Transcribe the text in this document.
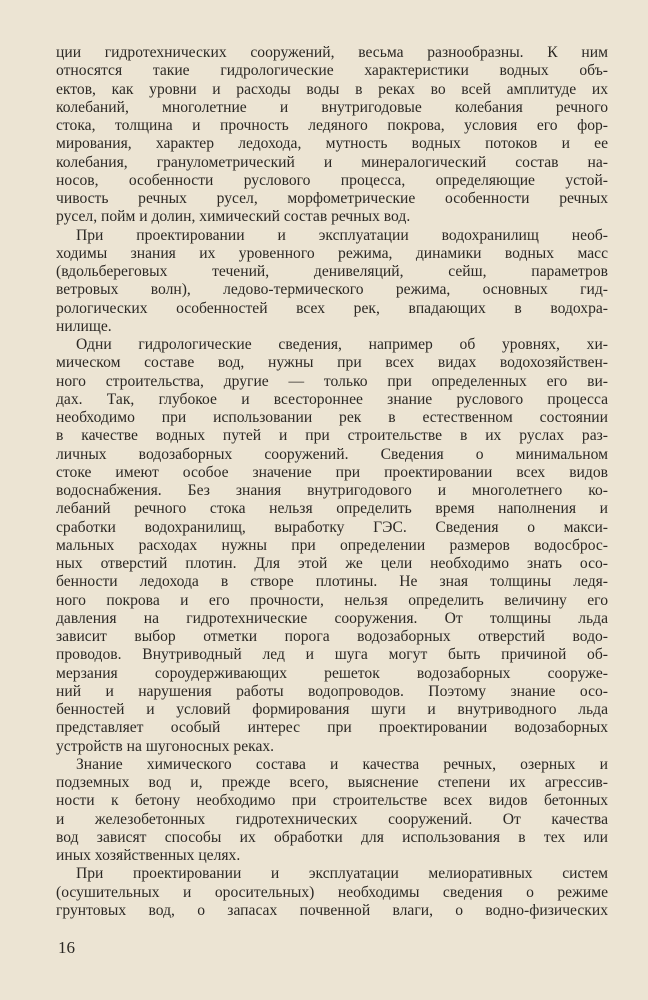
ции гидротехнических сооружений, весьма разнообразны. К ним
относятся такие гидрологические характеристики водных объ-
ектов, как уровни и расходы воды в реках во всей амплитуде их
колебаний, многолетние и внутригодовые колебания речного
стока, толщина и прочность ледяного покрова, условия его фор-
мирования, характер ледохода, мутность водных потоков и ее
колебания, гранулометрический и минералогический состав на-
носов, особенности руслового процесса, определяющие устой-
чивость речных русел, морфометрические особенности речных
русел, пойм и долин, химический состав речных вод.
При проектировании и эксплуатации водохранилищ необ-
ходимы знания их уровенного режима, динамики водных масс
(вдольбереговых течений, денивеляций, сейш, параметров
ветровых волн), ледово-термического режима, основных гид-
рологических особенностей всех рек, впадающих в водохра-
нилище.
Одни гидрологические сведения, например об уровнях, хи-
мическом составе вод, нужны при всех видах водохозяйствен-
ного строительства, другие — только при определенных его ви-
дах. Так, глубокое и всестороннее знание руслового процесса
необходимо при использовании рек в естественном состоянии
в качестве водных путей и при строительстве в их руслах раз-
личных водозаборных сооружений. Сведения о минимальном
стоке имеют особое значение при проектировании всех видов
водоснабжения. Без знания внутригодового и многолетнего ко-
лебаний речного стока нельзя определить время наполнения и
сработки водохранилищ, выработку ГЭС. Сведения о макси-
мальных расходах нужны при определении размеров водосброс-
ных отверстий плотин. Для этой же цели необходимо знать осо-
бенности ледохода в створе плотины. Не зная толщины ледя-
ного покрова и его прочности, нельзя определить величину его
давления на гидротехнические сооружения. От толщины льда
зависит выбор отметки порога водозаборных отверстий водо-
проводов. Внутриводный лед и шуга могут быть причиной об-
мерзания сороудерживающих решеток водозаборных сооруже-
ний и нарушения работы водопроводов. Поэтому знание осо-
бенностей и условий формирования шуги и внутриводного льда
представляет особый интерес при проектировании водозаборных
устройств на шугоносных реках.
Знание химического состава и качества речных, озерных и
подземных вод и, прежде всего, выяснение степени их агрессив-
ности к бетону необходимо при строительстве всех видов бетонных
и железобетонных гидротехнических сооружений. От качества
вод зависят способы их обработки для использования в тех или
иных хозяйственных целях.
При проектировании и эксплуатации мелиоративных систем
(осушительных и оросительных) необходимы сведения о режиме
грунтовых вод, о запасах почвенной влаги, о водно-физических
16
